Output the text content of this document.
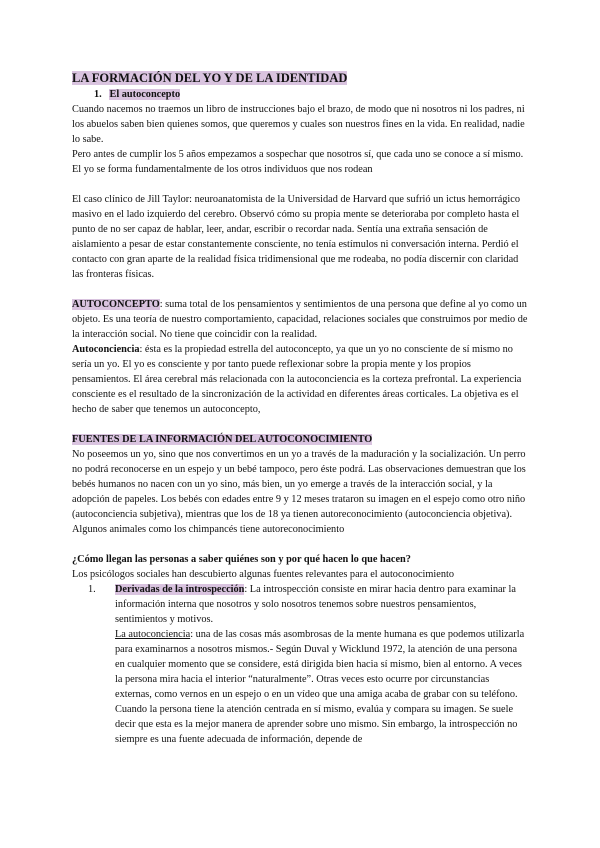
LA FORMACIÓN DEL YO Y DE LA IDENTIDAD

1. El autoconcepto

Cuando nacemos no traemos un libro de instrucciones bajo el brazo, de modo que ni nosotros ni los padres, ni los abuelos saben bien quienes somos, que queremos y cuales son nuestros fines en la vida. En realidad, nadie lo sabe.

Pero antes de cumplir los 5 años empezamos a sospechar que nosotros sí, que cada uno se conoce a sí mismo.

El yo se forma fundamentalmente de los otros individuos que nos rodean

El caso clínico de Jill Taylor: neuroanatomista de la Universidad de Harvard que sufrió un ictus hemorrágico masivo en el lado izquierdo del cerebro. Observó cómo su propia mente se deterioraba por completo hasta el punto de no ser capaz de hablar, leer, andar, escribir o recordar nada. Sentía una extraña sensación de aislamiento a pesar de estar constantemente consciente, no tenía estímulos ni conversación interna. Perdió el contacto con gran aparte de la realidad física tridimensional que me rodeaba, no podía discernir con claridad las fronteras físicas.

AUTOCONCEPTO: suma total de los pensamientos y sentimientos de una persona que define al yo como un objeto. Es una teoría de nuestro comportamiento, capacidad, relaciones sociales que construimos por medio de la interacción social. No tiene que coincidir con la realidad.
Autoconciencia: ésta es la propiedad estrella del autoconcepto, ya que un yo no consciente de sí mismo no sería un yo. El yo es consciente y por tanto puede reflexionar sobre la propia mente y los propios pensamientos. El área cerebral más relacionada con la autoconciencia es la corteza prefrontal. La experiencia consciente es el resultado de la sincronización de la actividad en diferentes áreas corticales. La objetiva es el hecho de saber que tenemos un autoconcepto,

FUENTES DE LA INFORMACIÓN DEL AUTOCONOCIMIENTO

No poseemos un yo, sino que nos convertimos en un yo a través de la maduración y la socialización. Un perro no podrá reconocerse en un espejo y un bebé tampoco, pero éste podrá. Las observaciones demuestran que los bebés humanos no nacen con un yo sino, más bien, un yo emerge a través de la interacción social, y la adopción de papeles. Los bebés con edades entre 9 y 12 meses trataron su imagen en el espejo como otro niño (autoconciencia subjetiva), mientras que los de 18 ya tienen autoreconocimiento (autoconciencia objetiva). Algunos animales como los chimpancés tiene autoreconocimiento

¿Cómo llegan las personas a saber quiénes son y por qué hacen lo que hacen?

Los psicólogos sociales han descubierto algunas fuentes relevantes para el autoconocimiento

1.	Derivadas de la introspección: La introspección consiste en mirar hacia dentro para examinar la información interna que nosotros y solo nosotros tenemos sobre nuestros pensamientos, sentimientos y motivos.
La autoconciencia: una de las cosas más asombrosas de la mente humana es que podemos utilizarla para examinarnos a nosotros mismos.- Según Duval y Wicklund 1972, la atención de una persona en cualquier momento que se considere, está dirigida bien hacia sí mismo, bien al entorno. A veces la persona mira hacia el interior “naturalmente”. Otras veces esto ocurre por circunstancias externas, como vernos en un espejo o en un vídeo que una amiga acaba de grabar con su teléfono. Cuando la persona tiene la atención centrada en sí mismo, evalúa y compara su imagen. Se suele decir que esta es la mejor manera de aprender sobre uno mismo. Sin embargo, la introspección no siempre es una fuente adecuada de información, depende de
